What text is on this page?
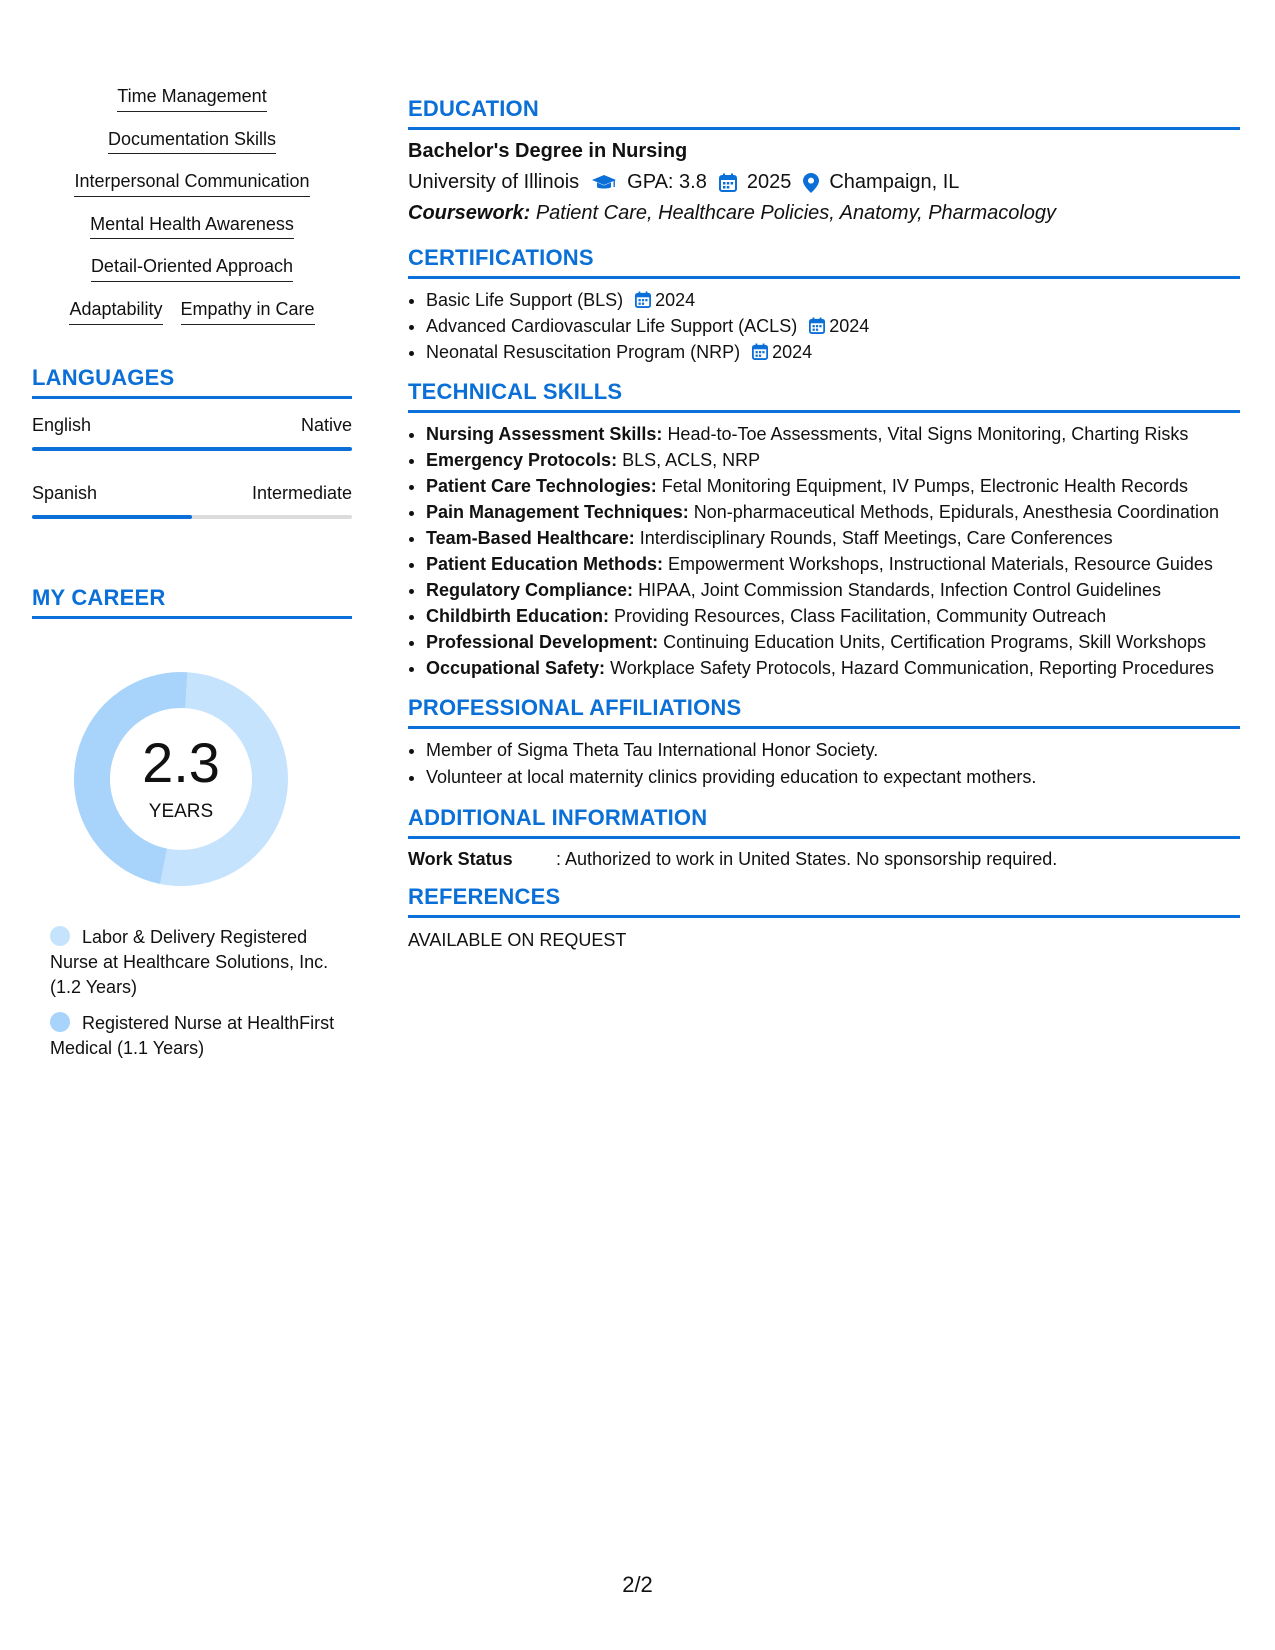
Time Management
Documentation Skills
Interpersonal Communication
Mental Health Awareness
Detail-Oriented Approach
Adaptability Empathy in Care
LANGUAGES
English	Native
Spanish	Intermediate
MY CAREER
2.3
YEARS
Labor & Delivery Registered Nurse at Healthcare Solutions, Inc. (1.2 Years)
Registered Nurse at HealthFirst Medical (1.1 Years)
EDUCATION
Bachelor's Degree in Nursing
University of Illinois GPA: 3.8 2025 Champaign, IL
Coursework: Patient Care, Healthcare Policies, Anatomy, Pharmacology
CERTIFICATIONS
• Basic Life Support (BLS) 2024
• Advanced Cardiovascular Life Support (ACLS) 2024
• Neonatal Resuscitation Program (NRP) 2024
TECHNICAL SKILLS
• Nursing Assessment Skills: Head-to-Toe Assessments, Vital Signs Monitoring, Charting Risks
• Emergency Protocols: BLS, ACLS, NRP
• Patient Care Technologies: Fetal Monitoring Equipment, IV Pumps, Electronic Health Records
• Pain Management Techniques: Non-pharmaceutical Methods, Epidurals, Anesthesia Coordination
• Team-Based Healthcare: Interdisciplinary Rounds, Staff Meetings, Care Conferences
• Patient Education Methods: Empowerment Workshops, Instructional Materials, Resource Guides
• Regulatory Compliance: HIPAA, Joint Commission Standards, Infection Control Guidelines
• Childbirth Education: Providing Resources, Class Facilitation, Community Outreach
• Professional Development: Continuing Education Units, Certification Programs, Skill Workshops
• Occupational Safety: Workplace Safety Protocols, Hazard Communication, Reporting Procedures
PROFESSIONAL AFFILIATIONS
• Member of Sigma Theta Tau International Honor Society.
• Volunteer at local maternity clinics providing education to expectant mothers.
ADDITIONAL INFORMATION
Work Status	: Authorized to work in United States. No sponsorship required.
REFERENCES
AVAILABLE ON REQUEST
2/2
